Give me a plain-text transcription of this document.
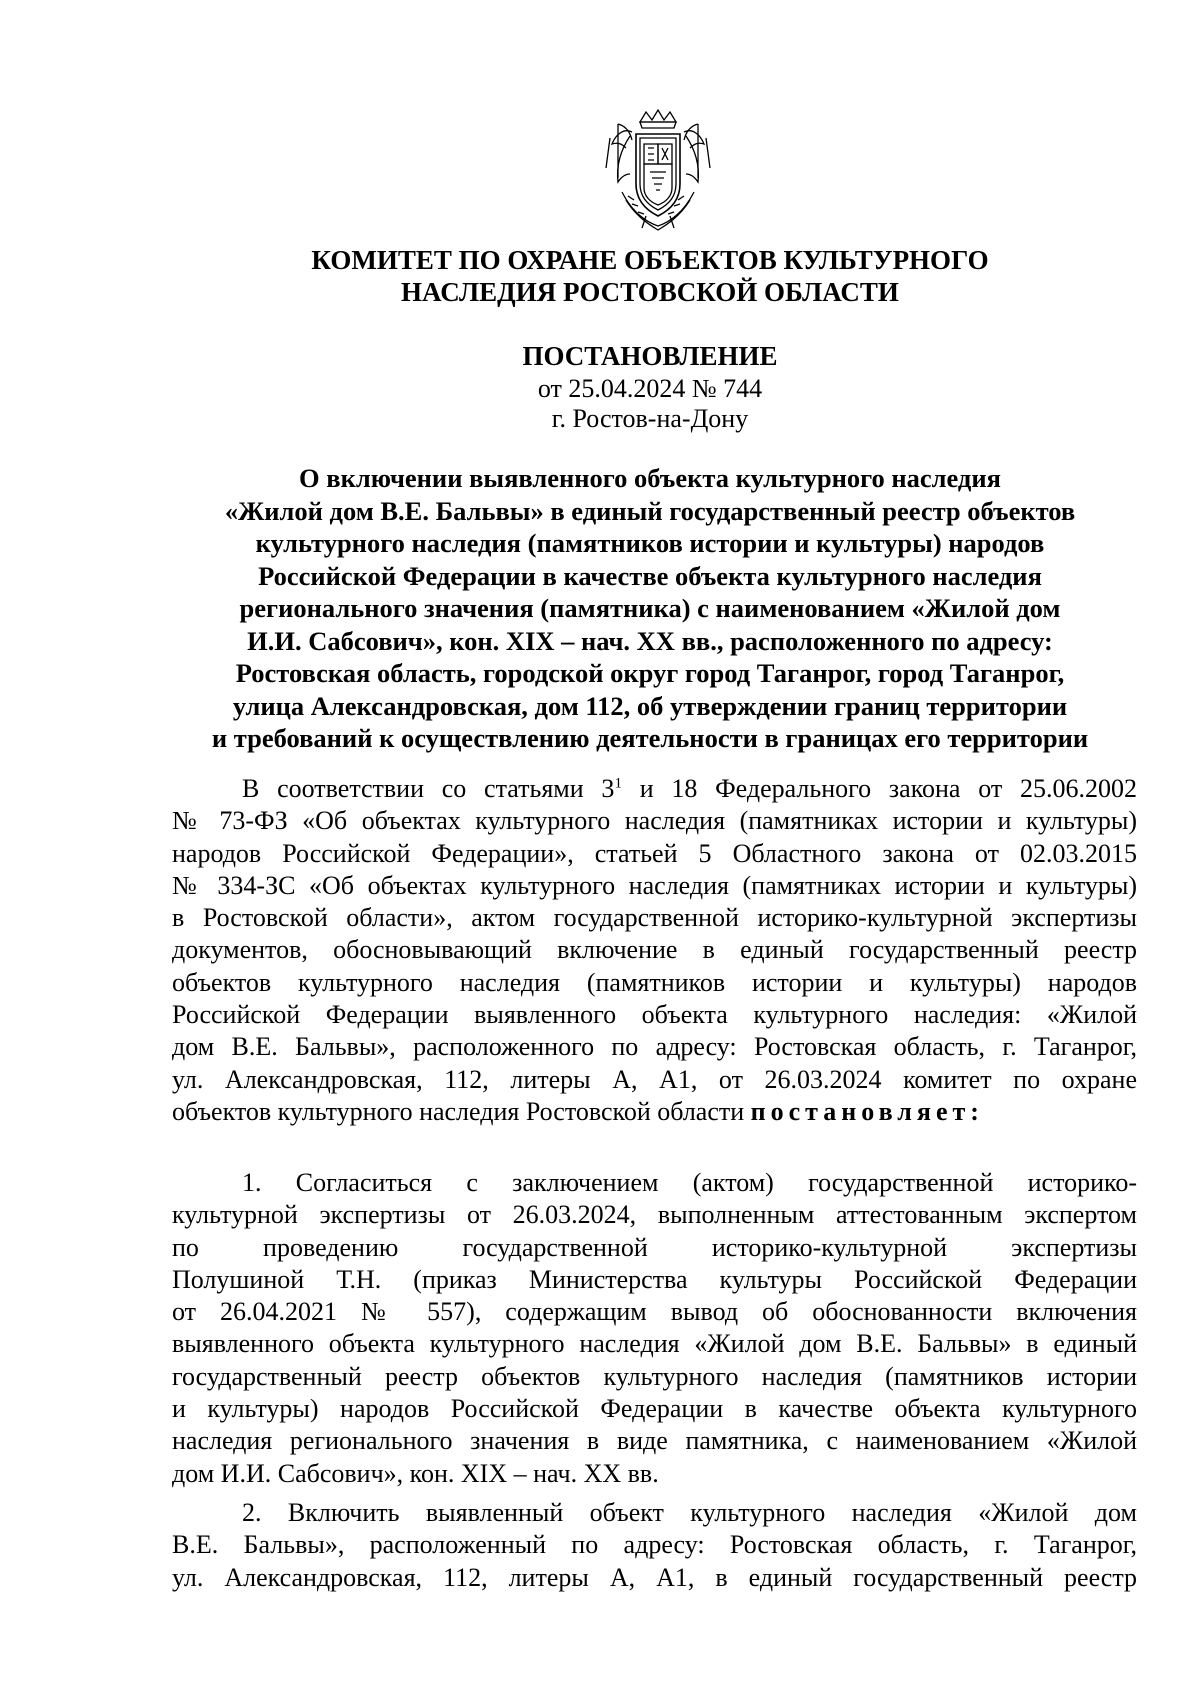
КОМИТЕТ ПО ОХРАНЕ ОБЪЕКТОВ КУЛЬТУРНОГО
НАСЛЕДИЯ РОСТОВСКОЙ ОБЛАСТИ
ПОСТАНОВЛЕНИЕ
от 25.04.2024 № 744
г. Ростов-на-Дону
О включении выявленного объекта культурного наследия
«Жилой дом В.Е. Бальвы» в единый государственный реестр объектов
культурного наследия (памятников истории и культуры) народов
Российской Федерации в качестве объекта культурного наследия
регионального значения (памятника) с наименованием «Жилой дом
И.И. Сабсович», кон. XIX – нач. XX вв., расположенного по адресу:
Ростовская область, городской округ город Таганрог, город Таганрог,
улица Александровская, дом 112, об утверждении границ территории
и требований к осуществлению деятельности в границах его территории
В соответствии со статьями $3^1$ и 18 Федерального закона от 25.06.2002
№ 73-ФЗ «Об объектах культурного наследия (памятниках истории и культуры)
народов Российской Федерации», статьей 5 Областного закона от 02.03.2015
№ 334-ЗС «Об объектах культурного наследия (памятниках истории и культуры)
в Ростовской области», актом государственной историко-культурной экспертизы
документов, обосновывающий включение в единый государственный реестр
объектов культурного наследия (памятников истории и культуры) народов
Российской Федерации выявленного объекта культурного наследия: «Жилой
дом В.Е. Бальвы», расположенного по адресу: Ростовская область, г. Таганрог,
ул. Александровская, 112, литеры А, А1, от 26.03.2024 комитет по охране
объектов культурного наследия Ростовской области постановляет:
1. Согласиться с заключением (актом) государственной историко-
культурной экспертизы от 26.03.2024, выполненным аттестованным экспертом
по проведению государственной историко-культурной экспертизы
Полушиной Т.Н. (приказ Министерства культуры Российской Федерации
от 26.04.2021 № 557), содержащим вывод об обоснованности включения
выявленного объекта культурного наследия «Жилой дом В.Е. Бальвы» в единый
государственный реестр объектов культурного наследия (памятников истории
и культуры) народов Российской Федерации в качестве объекта культурного
наследия регионального значения в виде памятника, с наименованием «Жилой
дом И.И. Сабсович», кон. XIX – нач. XX вв.
2. Включить выявленный объект культурного наследия «Жилой дом
В.Е. Бальвы», расположенный по адресу: Ростовская область, г. Таганрог,
ул. Александровская, 112, литеры А, А1, в единый государственный реестр
